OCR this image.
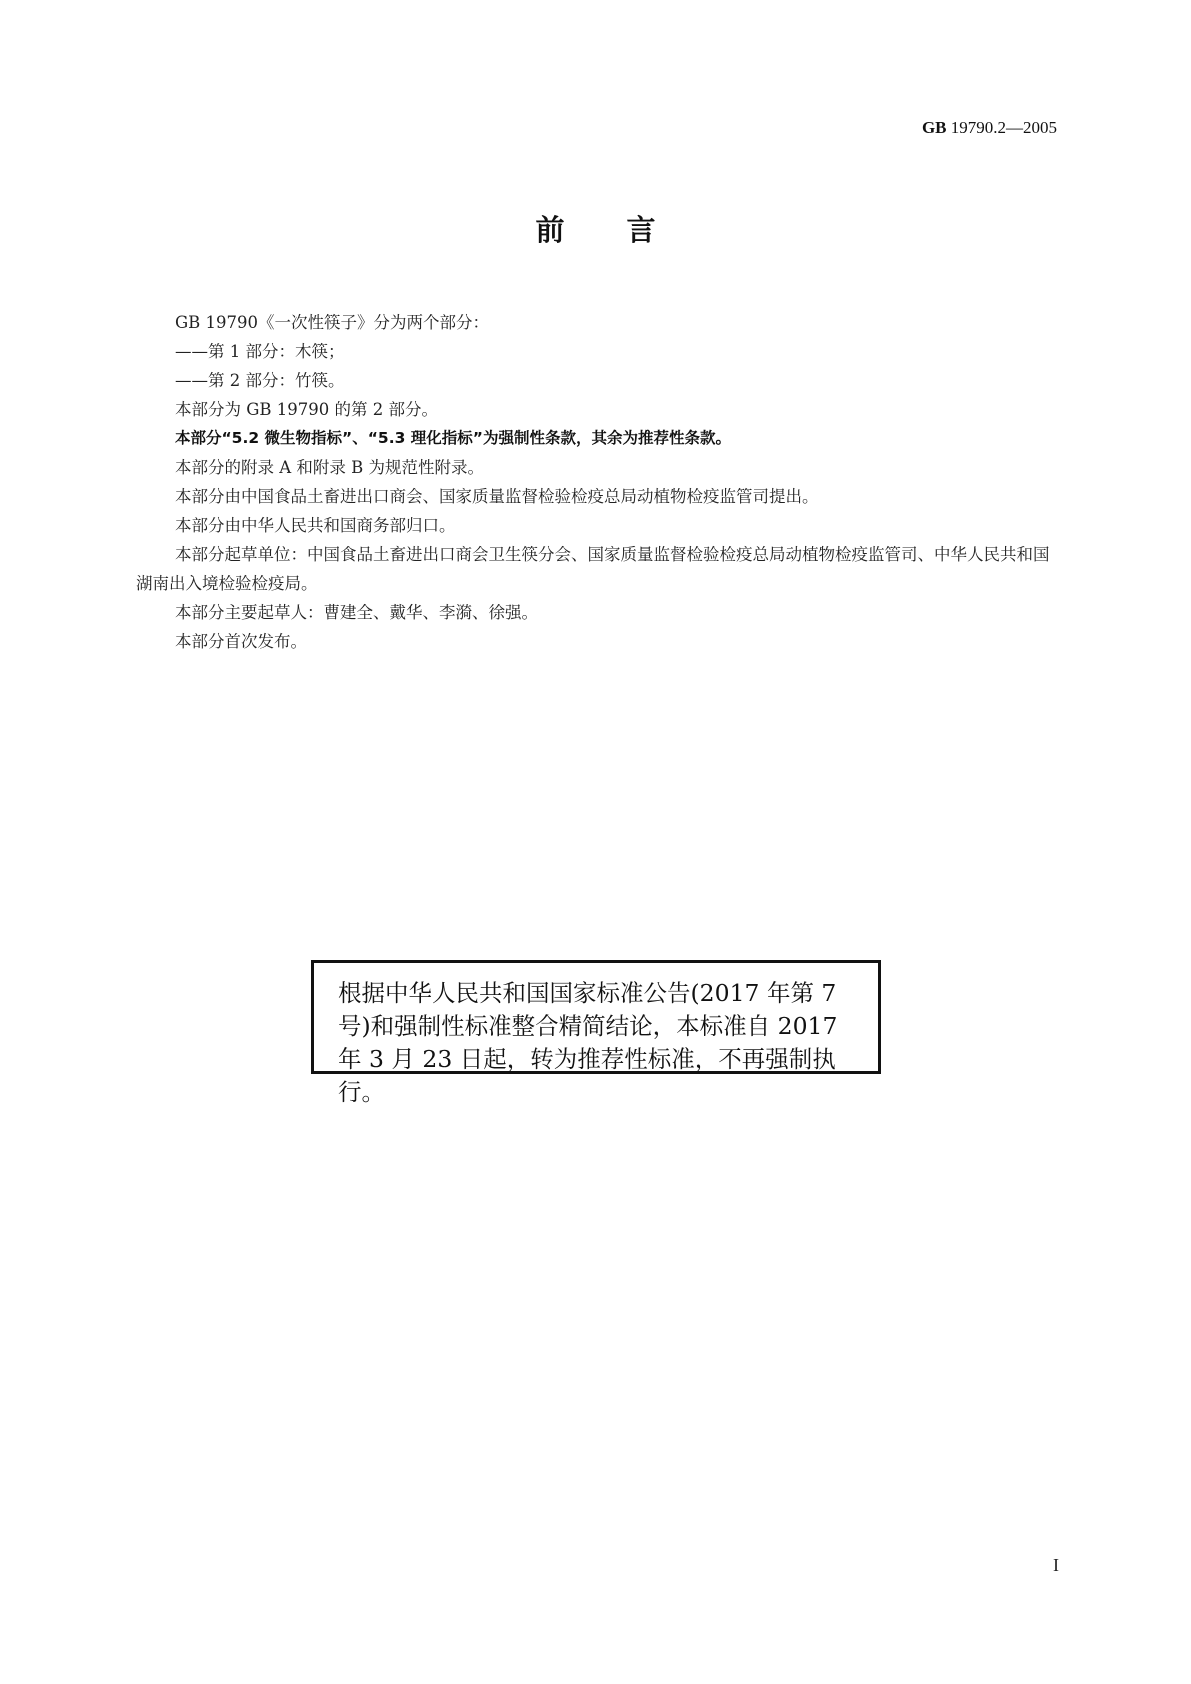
GB 19790.2—2005
前言

GB 19790《一次性筷子》分为两个部分：

——第 1 部分：木筷；

——第 2 部分：竹筷。

本部分为 GB 19790 的第 2 部分。

本部分“5.2 微生物指标”、“5.3 理化指标”为强制性条款，其余为推荐性条款。

本部分的附录 A 和附录 B 为规范性附录。

本部分由中国食品土畜进出口商会、国家质量监督检验检疫总局动植物检疫监管司提出。

本部分由中华人民共和国商务部归口。

本部分起草单位：中国食品土畜进出口商会卫生筷分会、国家质量监督检验检疫总局动植物检疫监管司、中华人民共和国湖南出入境检验检疫局。

本部分主要起草人：曹建全、戴华、李漪、徐强。

本部分首次发布。

根据中华人民共和国国家标准公告(2017 年第 7 号)和强制性标准整合精简结论，本标准自 2017 年 3 月 23 日起，转为推荐性标准，不再强制执行。

I
